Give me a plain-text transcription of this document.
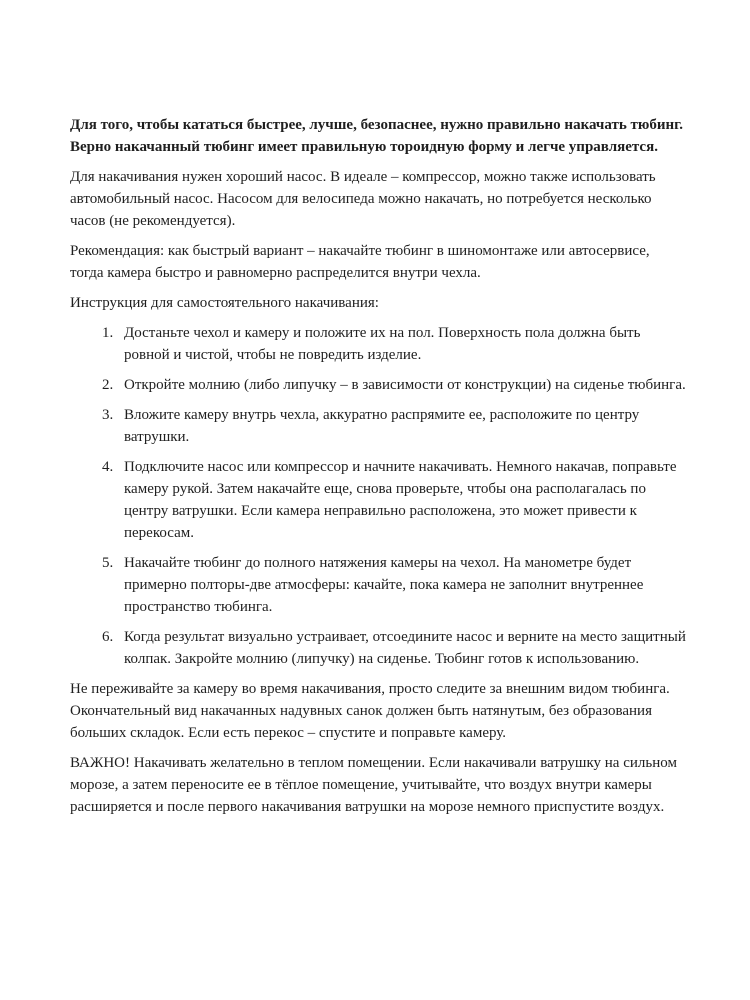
Для того, чтобы кататься быстрее, лучше, безопаснее, нужно правильно накачать тюбинг. Верно накачанный тюбинг имеет правильную тороидную форму и легче управляется.

Для накачивания нужен хороший насос. В идеале – компрессор, можно также использовать автомобильный насос. Насосом для велосипеда можно накачать, но потребуется несколько часов (не рекомендуется).

Рекомендация: как быстрый вариант – накачайте тюбинг в шиномонтаже или автосервисе, тогда камера быстро и равномерно распределится внутри чехла.

Инструкция для самостоятельного накачивания:

1. Достаньте чехол и камеру и положите их на пол. Поверхность пола должна быть ровной и чистой, чтобы не повредить изделие.
2. Откройте молнию (либо липучку – в зависимости от конструкции) на сиденье тюбинга.
3. Вложите камеру внутрь чехла, аккуратно распрямите ее, расположите по центру ватрушки.
4. Подключите насос или компрессор и начните накачивать. Немного накачав, поправьте камеру рукой. Затем накачайте еще, снова проверьте, чтобы она располагалась по центру ватрушки. Если камера неправильно расположена, это может привести к перекосам.
5. Накачайте тюбинг до полного натяжения камеры на чехол. На манометре будет примерно полторы-две атмосферы: качайте, пока камера не заполнит внутреннее пространство тюбинга.
6. Когда результат визуально устраивает, отсоедините насос и верните на место защитный колпак. Закройте молнию (липучку) на сиденье. Тюбинг готов к использованию.

Не переживайте за камеру во время накачивания, просто следите за внешним видом тюбинга. Окончательный вид накачанных надувных санок должен быть натянутым, без образования больших складок. Если есть перекос – спустите и поправьте камеру.

ВАЖНО! Накачивать желательно в теплом помещении. Если накачивали ватрушку на сильном морозе, а затем переносите ее в тёплое помещение, учитывайте, что воздух внутри камеры расширяется и после первого накачивания ватрушки на морозе немного приспустите воздух.
